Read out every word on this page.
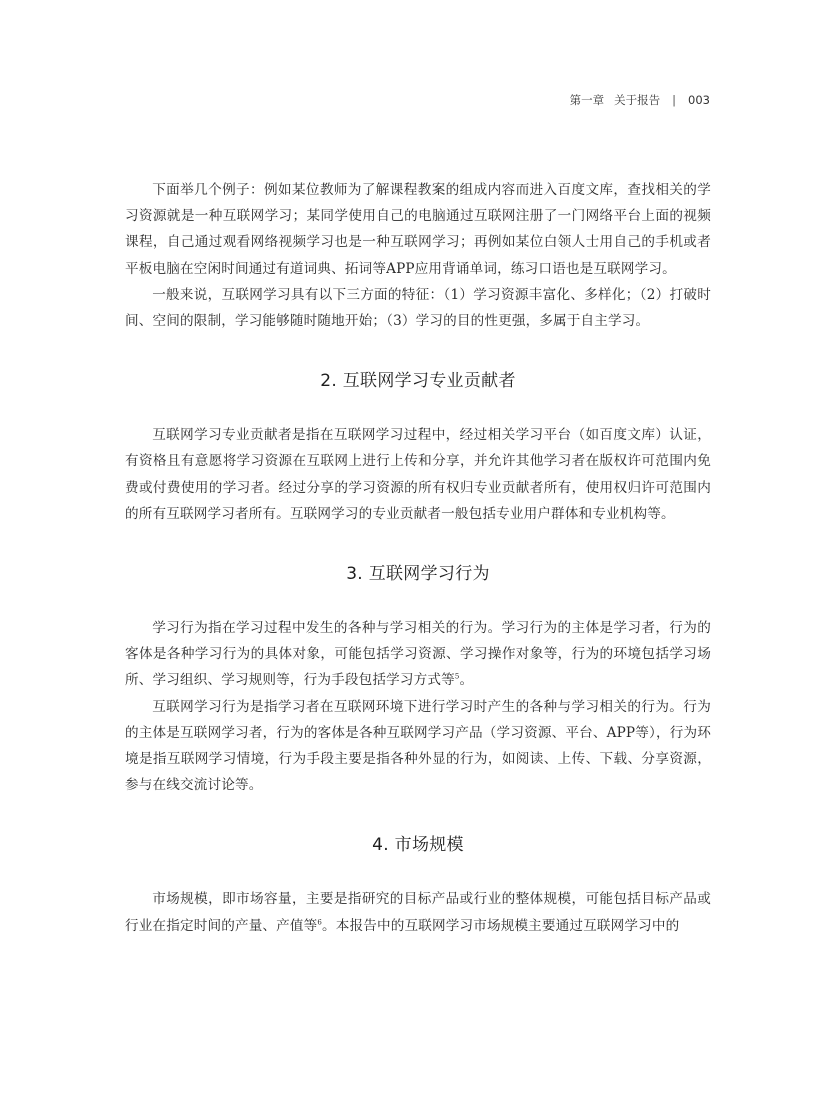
第一章 关于报告 | 003

下面举几个例子：例如某位教师为了解课程教案的组成内容而进入百度文库，查找相关的学习资源就是一种互联网学习；某同学使用自己的电脑通过互联网注册了一门网络平台上面的视频课程，自己通过观看网络视频学习也是一种互联网学习；再例如某位白领人士用自己的手机或者平板电脑在空闲时间通过有道词典、拓词等APP应用背诵单词，练习口语也是互联网学习。

一般来说，互联网学习具有以下三方面的特征：（1）学习资源丰富化、多样化；（2）打破时间、空间的限制，学习能够随时随地开始；（3）学习的目的性更强，多属于自主学习。

2. 互联网学习专业贡献者

互联网学习专业贡献者是指在互联网学习过程中，经过相关学习平台（如百度文库）认证，有资格且有意愿将学习资源在互联网上进行上传和分享，并允许其他学习者在版权许可范围内免费或付费使用的学习者。经过分享的学习资源的所有权归专业贡献者所有，使用权归许可范围内的所有互联网学习者所有。互联网学习的专业贡献者一般包括专业用户群体和专业机构等。

3. 互联网学习行为

学习行为指在学习过程中发生的各种与学习相关的行为。学习行为的主体是学习者，行为的客体是各种学习行为的具体对象，可能包括学习资源、学习操作对象等，行为的环境包括学习场所、学习组织、学习规则等，行为手段包括学习方式等$^5$。

互联网学习行为是指学习者在互联网环境下进行学习时产生的各种与学习相关的行为。行为的主体是互联网学习者，行为的客体是各种互联网学习产品（学习资源、平台、APP等），行为环境是指互联网学习情境，行为手段主要是指各种外显的行为，如阅读、上传、下载、分享资源，参与在线交流讨论等。

4. 市场规模

市场规模，即市场容量，主要是指研究的目标产品或行业的整体规模，可能包括目标产品或行业在指定时间的产量、产值等$^6$。本报告中的互联网学习市场规模主要通过互联网学习中的
